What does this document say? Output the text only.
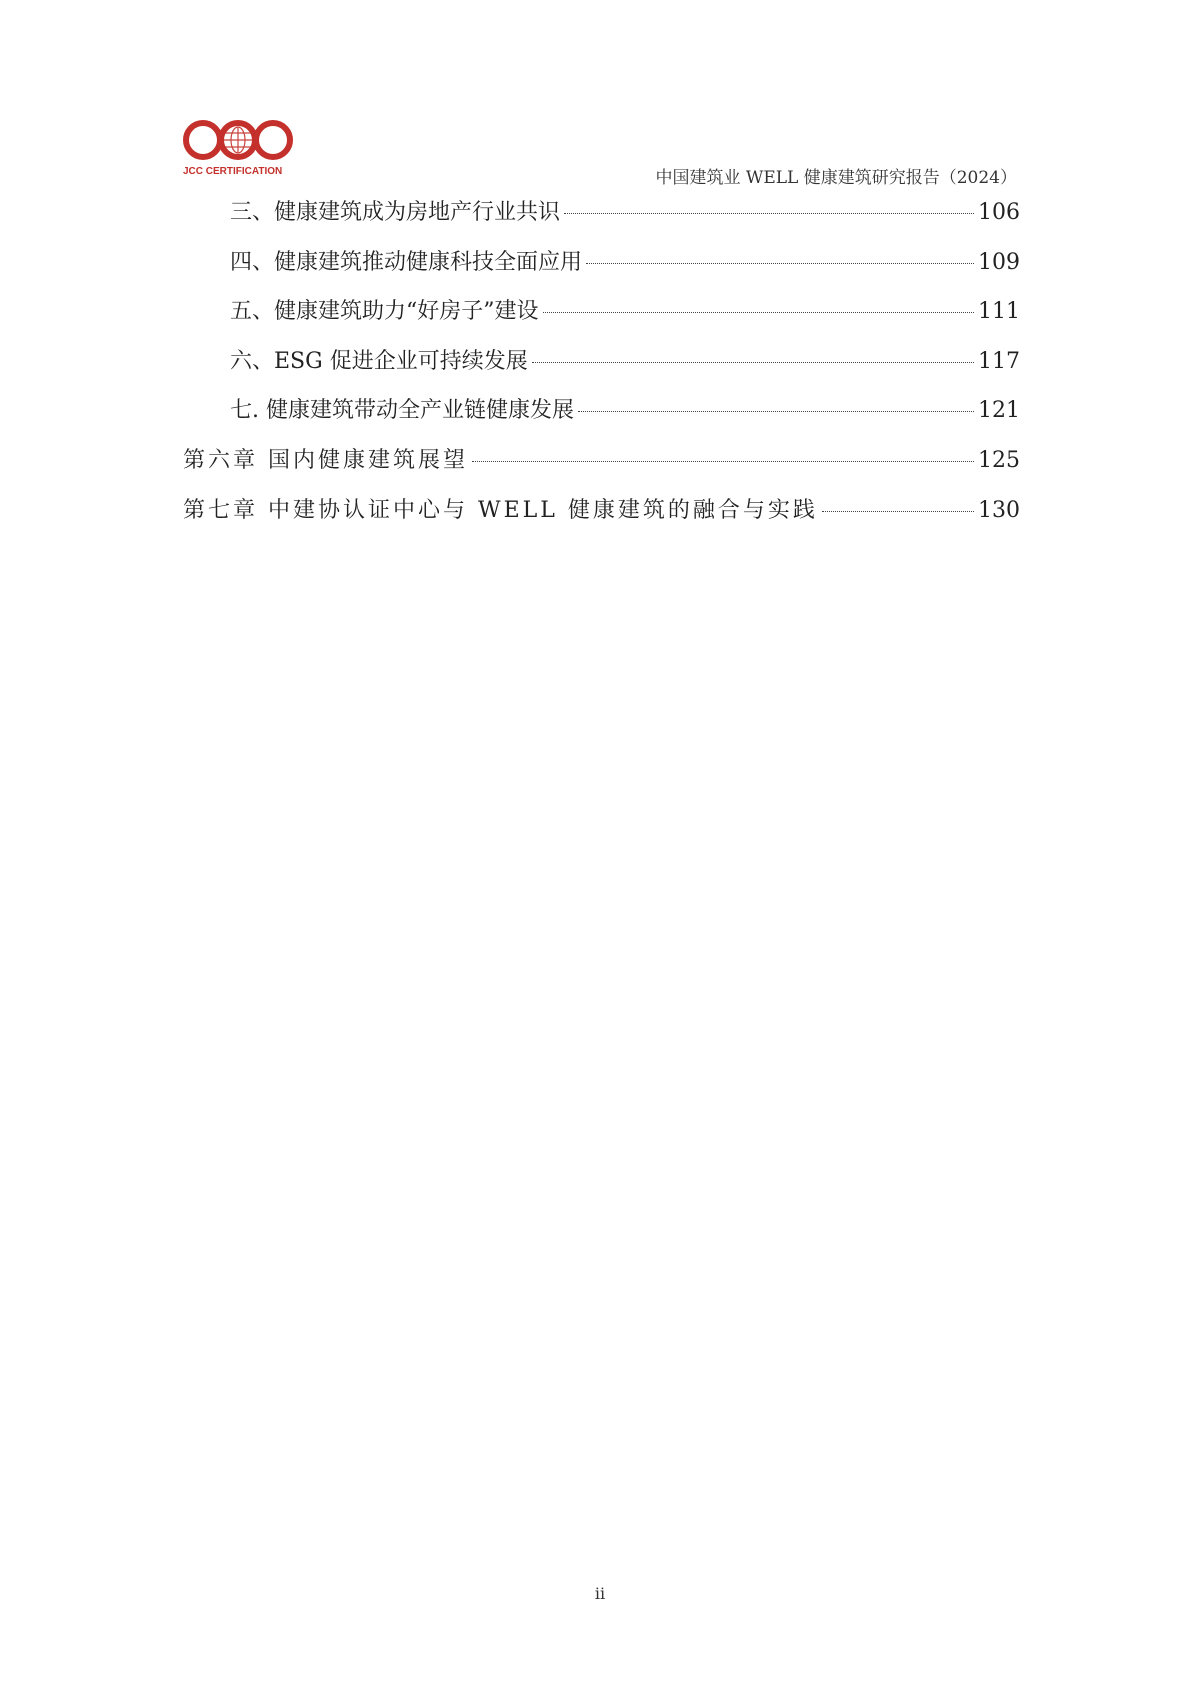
JCC CERTIFICATION	中国建筑业 WELL 健康建筑研究报告（2024）
三、健康建筑成为房地产行业共识	106
四、健康建筑推动健康科技全面应用	109
五、健康建筑助力“好房子”建设	111
六、ESG 促进企业可持续发展	117
七. 健康建筑带动全产业链健康发展	121
第六章 国内健康建筑展望	125
第七章 中建协认证中心与 WELL 健康建筑的融合与实践	130
ii
